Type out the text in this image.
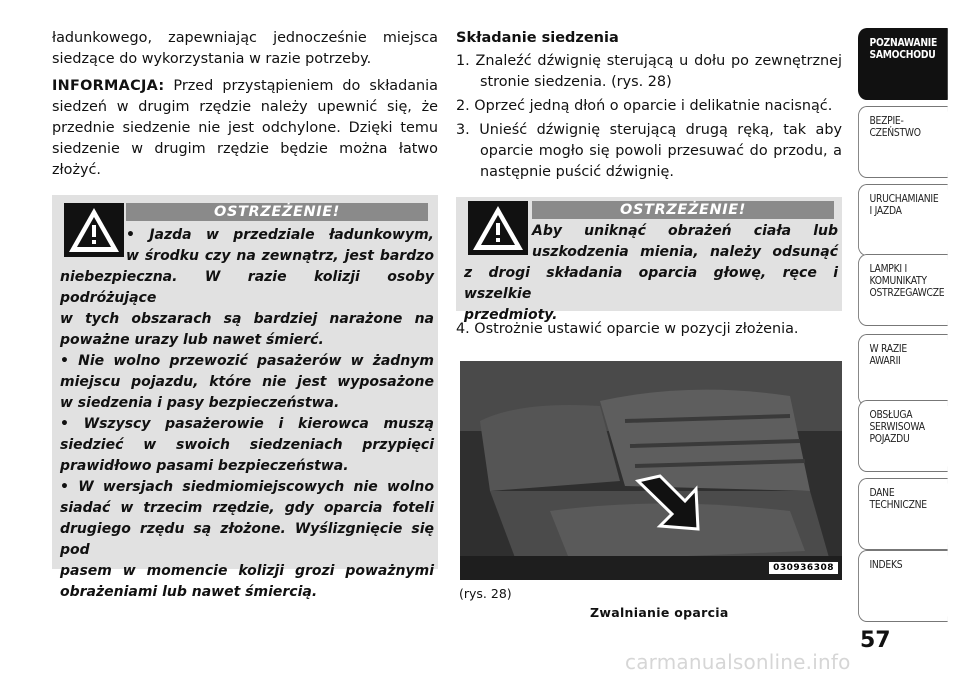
ładunkowego, zapewniając jednocześnie miejsca siedzące do wykorzystania w razie potrzeby.

INFORMACJA: Przed przystąpieniem do składania siedzeń w drugim rzędzie należy upewnić się, że przednie siedzenie nie jest odchylone. Dzięki temu siedzenie w drugim rzędzie będzie można łatwo złożyć.

OSTRZEŻENIE!
• Jazda w przedziale ładunkowym,
w środku czy na zewnątrz, jest bardzo
niebezpieczna. W razie kolizji osoby podróżujące
w tych obszarach są bardziej narażone na
poważne urazy lub nawet śmierć.
• Nie wolno przewozić pasażerów w żadnym
miejscu pojazdu, które nie jest wyposażone
w siedzenia i pasy bezpieczeństwa.
• Wszyscy pasażerowie i kierowca muszą
siedzieć w swoich siedzeniach przypięci
prawidłowo pasami bezpieczeństwa.
• W wersjach siedmiomiejscowych nie wolno
siadać w trzecim rzędzie, gdy oparcia foteli
drugiego rzędu są złożone. Wyślizgnięcie się pod
pasem w momencie kolizji grozi poważnymi
obrażeniami lub nawet śmiercią.

Składanie siedzenia

1. Znaleźć dźwignię sterującą u dołu po zewnętrznej stronie siedzenia. (rys. 28)
2. Oprzeć jedną dłoń o oparcie i delikatnie nacisnąć.
3. Unieść dźwignię sterującą drugą ręką, tak aby oparcie mogło się powoli przesuwać do przodu, a następnie puścić dźwignię.
OSTRZEŻENIE!
Aby uniknąć obrażeń ciała lub
uszkodzenia mienia, należy odsunąć
z drogi składania oparcia głowę, ręce i wszelkie
przedmioty.
4. Ostrożnie ustawić oparcie w pozycji złożenia.
030936308
(rys. 28)
Zwalnianie oparcia
POZNAWANIE
SAMOCHODU
BEZPIE-
CZEŃSTWO
URUCHAMIANIE
I JAZDA
LAMPKI I
KOMUNIKATY
OSTRZEGAWCZE
W RAZIE
AWARII
OBSŁUGA
SERWISOWA
POJAZDU
DANE
TECHNICZNE
INDEKS
57
carmanualsonline.info
